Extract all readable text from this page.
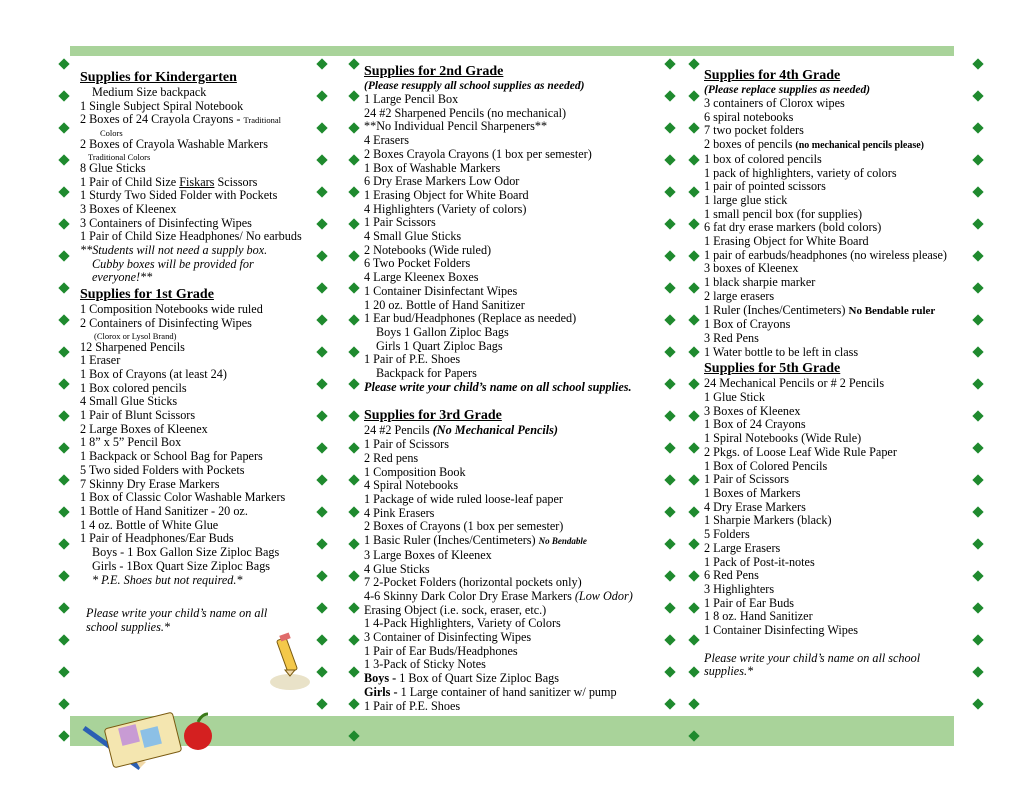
Supplies for Kindergarten
Medium Size backpack
1 Single Subject Spiral Notebook
2 Boxes of 24 Crayola Crayons - Traditional
Colors
2 Boxes of Crayola Washable Markers
Traditional Colors
8 Glue Sticks
1 Pair of Child Size Fiskars Scissors
1 Sturdy Two Sided Folder with Pockets
3 Boxes of Kleenex
3 Containers of Disinfecting Wipes
1 Pair of Child Size Headphones/ No earbuds
**Students will not need a supply box.
Cubby boxes will be provided for
everyone!**
Supplies for 1st Grade
1 Composition Notebooks wide ruled
2 Containers of Disinfecting Wipes
(Clorox or Lysol Brand)
12 Sharpened Pencils
1 Eraser
1 Box of Crayons (at least 24)
1 Box colored pencils
4 Small Glue Sticks
1 Pair of Blunt Scissors
2 Large Boxes of Kleenex
1 8” x 5” Pencil Box
1 Backpack or School Bag for Papers
5 Two sided Folders with Pockets
7 Skinny Dry Erase Markers
1 Box of Classic Color Washable Markers
1 Bottle of Hand Sanitizer - 20 oz.
1 4 oz. Bottle of White Glue
1 Pair of Headphones/Ear Buds
Boys - 1 Box Gallon Size Ziploc Bags
Girls - 1Box Quart Size Ziploc Bags
* P.E. Shoes but not required.*
Please write your child’s name on all school supplies.*
Supplies for 2nd Grade
(Please resupply all school supplies as needed)
1 Large Pencil Box
24 #2 Sharpened Pencils (no mechanical)
**No Individual Pencil Sharpeners**
4 Erasers
2 Boxes Crayola Crayons (1 box per semester)
1 Box of Washable Markers
6 Dry Erase Markers Low Odor
1 Erasing Object for White Board
4 Highlighters (Variety of colors)
1 Pair Scissors
4 Small Glue Sticks
2 Notebooks (Wide ruled)
6 Two Pocket Folders
4 Large Kleenex Boxes
1 Container Disinfectant Wipes
1 20 oz. Bottle of Hand Sanitizer
1 Ear bud/Headphones (Replace as needed)
Boys 1 Gallon Ziploc Bags
Girls 1 Quart Ziploc Bags
1 Pair of P.E. Shoes
Backpack for Papers
Please write your child’s name on all school supplies.
Supplies for 3rd Grade
24 #2 Pencils (No Mechanical Pencils)
1 Pair of Scissors
2 Red pens
1 Composition Book
4 Spiral Notebooks
1 Package of wide ruled loose-leaf paper
4 Pink Erasers
2 Boxes of Crayons (1 box per semester)
1 Basic Ruler (Inches/Centimeters) No Bendable
3 Large Boxes of Kleenex
4 Glue Sticks
7 2-Pocket Folders (horizontal pockets only)
4-6 Skinny Dark Color Dry Erase Markers (Low Odor)
Erasing Object (i.e. sock, eraser, etc.)
1 4-Pack Highlighters, Variety of Colors
3 Container of Disinfecting Wipes
1 Pair of Ear Buds/Headphones
1 3-Pack of Sticky Notes
Boys - 1 Box of Quart Size Ziploc Bags
Girls - 1 Large container of hand sanitizer w/ pump
1 Pair of P.E. Shoes
Supplies for 4th Grade
(Please replace supplies as needed)
3 containers of Clorox wipes
6 spiral notebooks
7 two pocket folders
2 boxes of pencils (no mechanical pencils please)
1 box of colored pencils
1 pack of highlighters, variety of colors
1 pair of pointed scissors
1 large glue stick
1 small pencil box (for supplies)
6 fat dry erase markers (bold colors)
1 Erasing Object for White Board
1 pair of earbuds/headphones (no wireless please)
3 boxes of Kleenex
1 black sharpie marker
2 large erasers
1 Ruler (Inches/Centimeters) No Bendable ruler
1 Box of Crayons
3 Red Pens
1 Water bottle to be left in class
Supplies for 5th Grade
24 Mechanical Pencils or # 2 Pencils
1 Glue Stick
3 Boxes of Kleenex
1 Box of 24 Crayons
1 Spiral Notebooks (Wide Rule)
2 Pkgs. of Loose Leaf Wide Rule Paper
1 Box of Colored Pencils
1 Pair of Scissors
1 Boxes of Markers
4 Dry Erase Markers
1 Sharpie Markers (black)
5 Folders
2 Large Erasers
1 Pack of Post-it-notes
6 Red Pens
3 Highlighters
1 Pair of Ear Buds
1 8 oz. Hand Sanitizer
1 Container Disinfecting Wipes
Please write your child’s name on all school supplies.*
